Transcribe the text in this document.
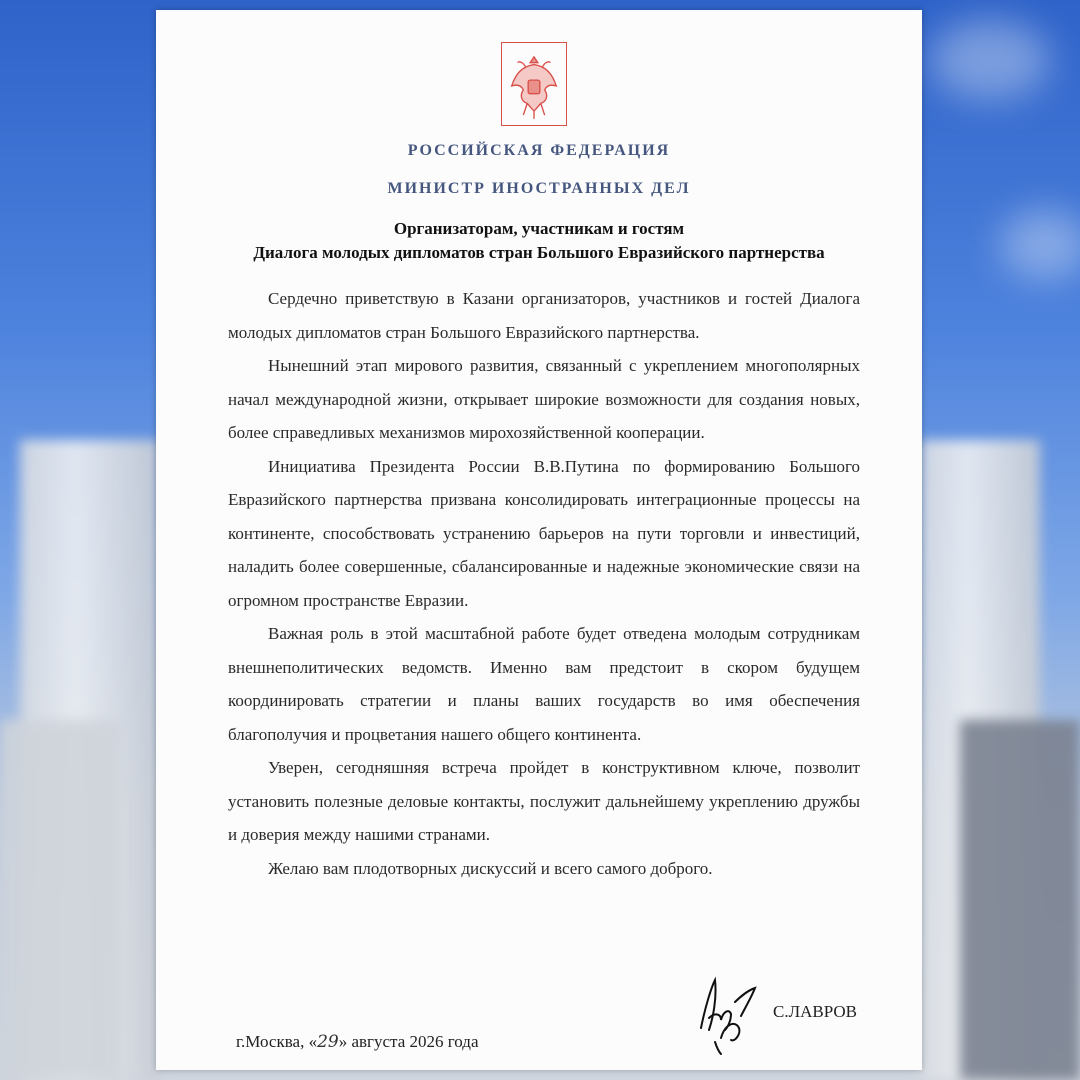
РОССИЙСКАЯ ФЕДЕРАЦИЯ
МИНИСТР ИНОСТРАННЫХ ДЕЛ
Организаторам, участникам и гостям
Диалога молодых дипломатов стран Большого Евразийского партнерства

Сердечно приветствую в Казани организаторов, участников и гостей Диалога молодых дипломатов стран Большого Евразийского партнерства.

Нынешний этап мирового развития, связанный с укреплением многополярных начал международной жизни, открывает широкие возможности для создания новых, более справедливых механизмов мирохозяйственной кооперации.

Инициатива Президента России В.В.Путина по формированию Большого Евразийского партнерства призвана консолидировать интеграционные процессы на континенте, способствовать устранению барьеров на пути торговли и инвестиций, наладить более совершенные, сбалансированные и надежные экономические связи на огромном пространстве Евразии.

Важная роль в этой масштабной работе будет отведена молодым сотрудникам внешнеполитических ведомств. Именно вам предстоит в скором будущем координировать стратегии и планы ваших государств во имя обеспечения благополучия и процветания нашего общего континента.

Уверен, сегодняшняя встреча пройдет в конструктивном ключе, позволит установить полезные деловые контакты, послужит дальнейшему укреплению дружбы и доверия между нашими странами.

Желаю вам плодотворных дискуссий и всего самого доброго.

С.ЛАВРОВ
г.Москва, «29» августа 2026 года
